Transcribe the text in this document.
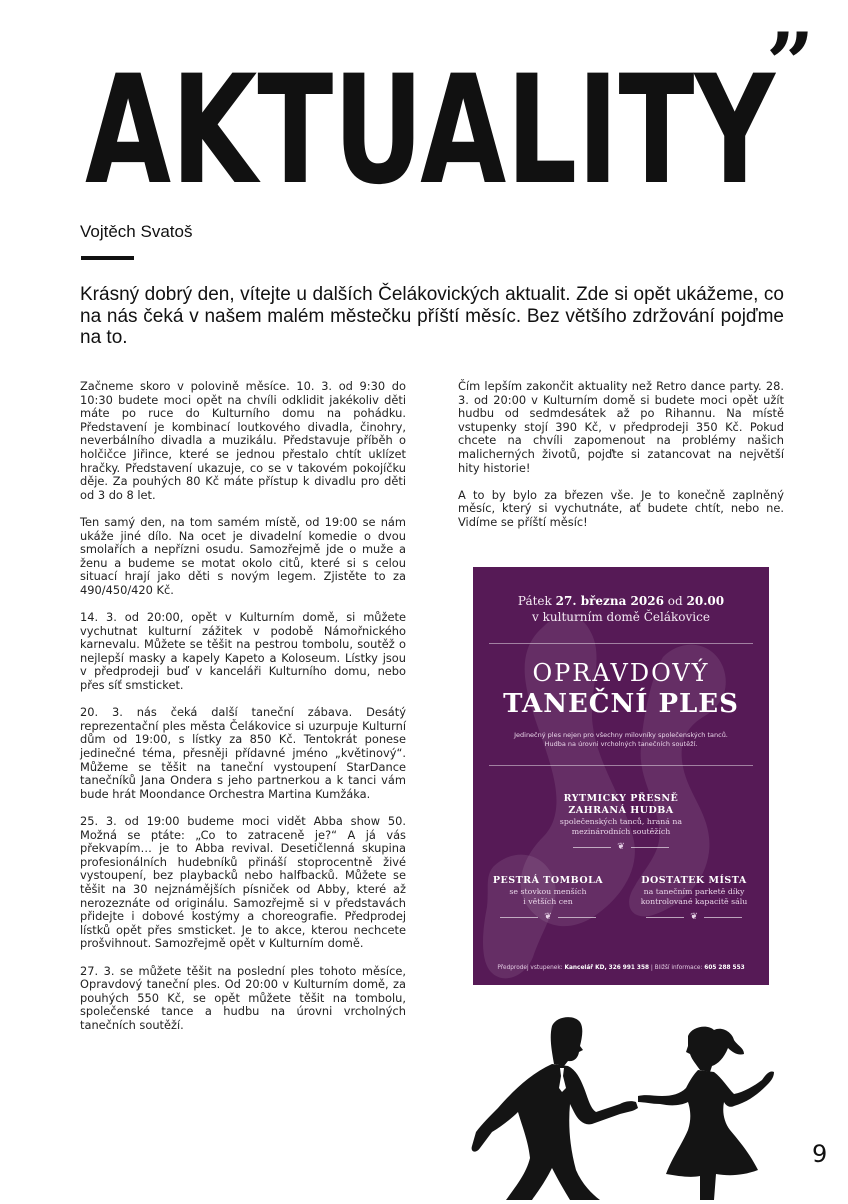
”
AKTUALITY
Vojtěch Svatoš
Krásný dobrý den, vítejte u dalších Čelákovických aktualit. Zde si opět ukážeme, co na nás čeká v našem malém městečku příští měsíc. Bez většího zdržování pojďme na to.

Začneme skoro v polovině měsíce. 10. 3. od 9:30 do 10:30 budete moci opět na chvíli odklidit jakékoliv děti máte po ruce do Kulturního domu na pohádku. Představení je kombinací loutkového divadla, činohry, neverbálního divadla a muzikálu. Představuje příběh o holčičce Jiřince, které se jednou přestalo chtít uklízet hračky. Představení ukazuje, co se v takovém pokojíčku děje. Za pouhých 80 Kč máte přístup k divadlu pro děti od 3 do 8 let.

Ten samý den, na tom samém místě, od 19:00 se nám ukáže jiné dílo. Na ocet je divadelní komedie o dvou smolařích a nepřízni osudu. Samozřejmě jde o muže a ženu a budeme se motat okolo citů, které si s celou situací hrají jako děti s novým legem. Zjistěte to za 490/450/420 Kč.

14. 3. od 20:00, opět v Kulturním domě, si můžete vychutnat kulturní zážitek v podobě Námořnického karnevalu. Můžete se těšit na pestrou tombolu, soutěž o nejlepší masky a kapely Kapeto a Koloseum. Lístky jsou v předprodeji buď v kanceláři Kulturního domu, nebo přes síť smsticket.

20. 3. nás čeká další taneční zábava. Desátý reprezentační ples města Čelákovice si uzurpuje Kulturní dům od 19:00, s lístky za 850 Kč. Tentokrát ponese jedinečné téma, přesněji přídavné jméno „květinový“. Můžeme se těšit na taneční vystoupení StarDance tanečníků Jana Ondera s jeho partnerkou a k tanci vám bude hrát Moondance Orchestra Martina Kumžáka.

25. 3. od 19:00 budeme moci vidět Abba show 50. Možná se ptáte: „Co to zatraceně je?“ A já vás překvapím… je to Abba revival. Desetičlenná skupina profesionálních hudebníků přináší stoprocentně živé vystoupení, bez playbacků nebo halfbacků. Můžete se těšit na 30 nejznámějších písniček od Abby, které až nerozeznáte od originálu. Samozřejmě si v představách přidejte i dobové kostýmy a choreografie. Předprodej lístků opět přes smsticket. Je to akce, kterou nechcete prošvihnout. Samozřejmě opět v Kulturním domě.

27. 3. se můžete těšit na poslední ples tohoto měsíce, Opravdový taneční ples. Od 20:00 v Kulturním domě, za pouhých 550 Kč, se opět můžete těšit na tombolu, společenské tance a hudbu na úrovni vrcholných tanečních soutěží.

Čím lepším zakončit aktuality než Retro dance party. 28. 3. od 20:00 v Kulturním domě si budete moci opět užít hudbu od sedmdesátek až po Rihannu. Na místě vstupenky stojí 390 Kč, v předprodeji 350 Kč. Pokud chcete na chvíli zapomenout na problémy našich malicherných životů, pojďte si zatancovat na největší hity historie!

A to by bylo za březen vše. Je to konečně zaplněný měsíc, který si vychutnáte, ať budete chtít, nebo ne. Vidíme se příští měsíc!

Pátek 27. března 2026 od 20.00
v kulturním domě Čelákovice
OPRAVDOVÝ
TANEČNÍ PLES
Jedinečný ples nejen pro všechny milovníky společenských tanců.
Hudba na úrovni vrcholných tanečních soutěží.
RYTMICKY PŘESNĚ
ZAHRANÁ HUDBA
společenských tanců, hraná na
mezinárodních soutěžích
❦
PESTRÁ TOMBOLA
se stovkou menších
i větších cen
❦
DOSTATEK MÍSTA
na tanečním parketě díky
kontrolované kapacitě sálu
❦
Předprodej vstupenek: Kancelář KD, 326 991 358 | Bližší informace: 605 288 553
9
